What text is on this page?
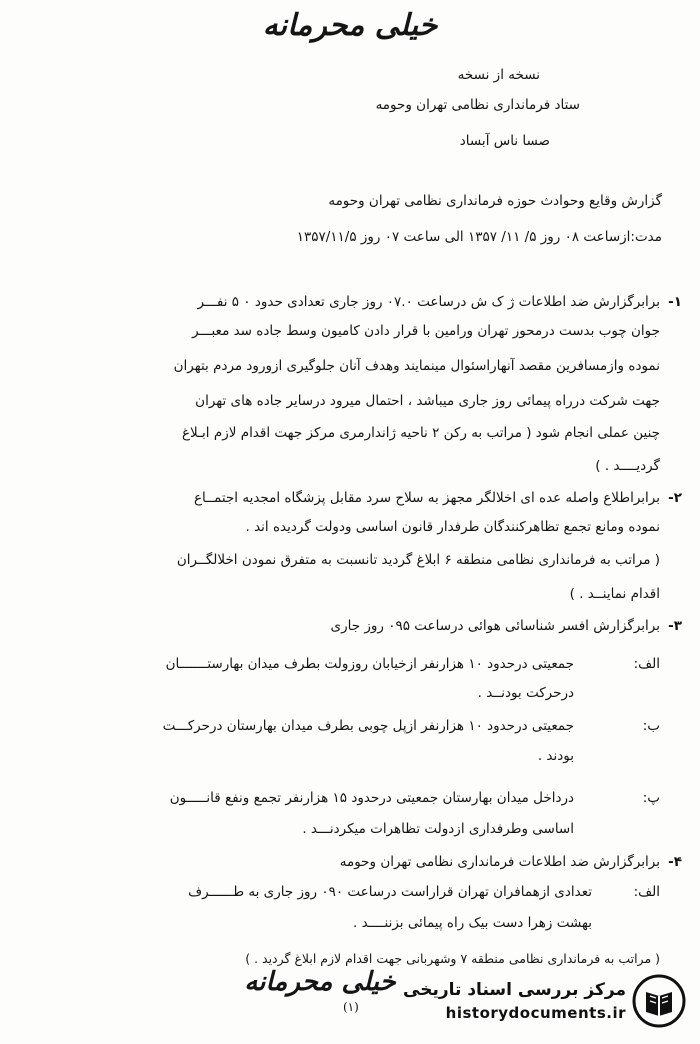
خیلی محرمانه
نسخه از نسخه
ستاد فرمانداری نظامی تهران وحومه
صسا ناس آبساد
گزارش وقایع وحوادث حوزه فرمانداری نظامی تهران وحومه
مدت:ازساعت ۰۸ روز ۵/ ۱۱/ ۱۳۵۷ الی ساعت ۰۷ روز ۱۳۵۷/۱۱/۵
۱-
برابرگزارش ضد اطلاعات ژ ک ش درساعت ۰۷.۰ روز جاری تعدادی حدود ۰ ۵ نفـــر
جوان چوب بدست درمحور تهران ورامین با قرار دادن کامیون وسط جاده سد معبـــر
نموده وازمسافرین مقصد آنهاراسئوال مینمایند وهدف آنان جلوگیری ازورود مردم بتهران
جهت شرکت درراه پیمائی روز جاری میباشد ، احتمال میرود درسایر جاده های تهران
چنین عملی انجام شود ( مراتب به رکن ۲ ناحیه ژاندارمری مرکز جهت اقدام لازم ابـلاغ
گردیــــد . )
۲-
برابراطلاع واصله عده ای اخلالگر مجهز به سلاح سرد مقابل پزشگاه امجدیه اجتمــاع
نموده ومانع تجمع تظاهرکنندگان طرفدار قانون اساسی ودولت گردیده اند .
( مراتب به فرمانداری نظامی منطقه ۶ ابلاغ گردید تانسبت به متفرق نمودن اخلالگــران
اقدام نماینــد . )
۳-
برابرگزارش افسر شناسائی هوائی درساعت ۰۹۵ روز جاری
الف:
جمعیتی درحدود ۱۰ هزارنفر ازخیابان روزولت بطرف میدان بهارستـــــــان
درحرکت بودنــد .
ب:
جمعیتی درحدود ۱۰ هزارنفر ازپل چوبی بطرف میدان بهارستان درحرکـــت
بودند .
پ:
درداخل میدان بهارستان جمعیتی درحدود ۱۵ هزارنفر تجمع ونفع قانـــــون
اساسی وطرفداری ازدولت تظاهرات میکردنـــد .
۴-
برابرگزارش ضد اطلاعات فرمانداری نظامی تهران وحومه
الف:
تعدادی ازهمافران تهران قراراست درساعت ۰۹۰ روز جاری به طــــــرف
بهشت زهرا دست بیک راه پیمائی بزننــــد .
( مراتب به فرمانداری نظامی منطقه ۷ وشهربانی جهت اقدام لازم ابلاغ گردید . )
خیلی محرمانه
(۱)
مرکز بررسی اسناد تاریخی
historydocuments.ir
